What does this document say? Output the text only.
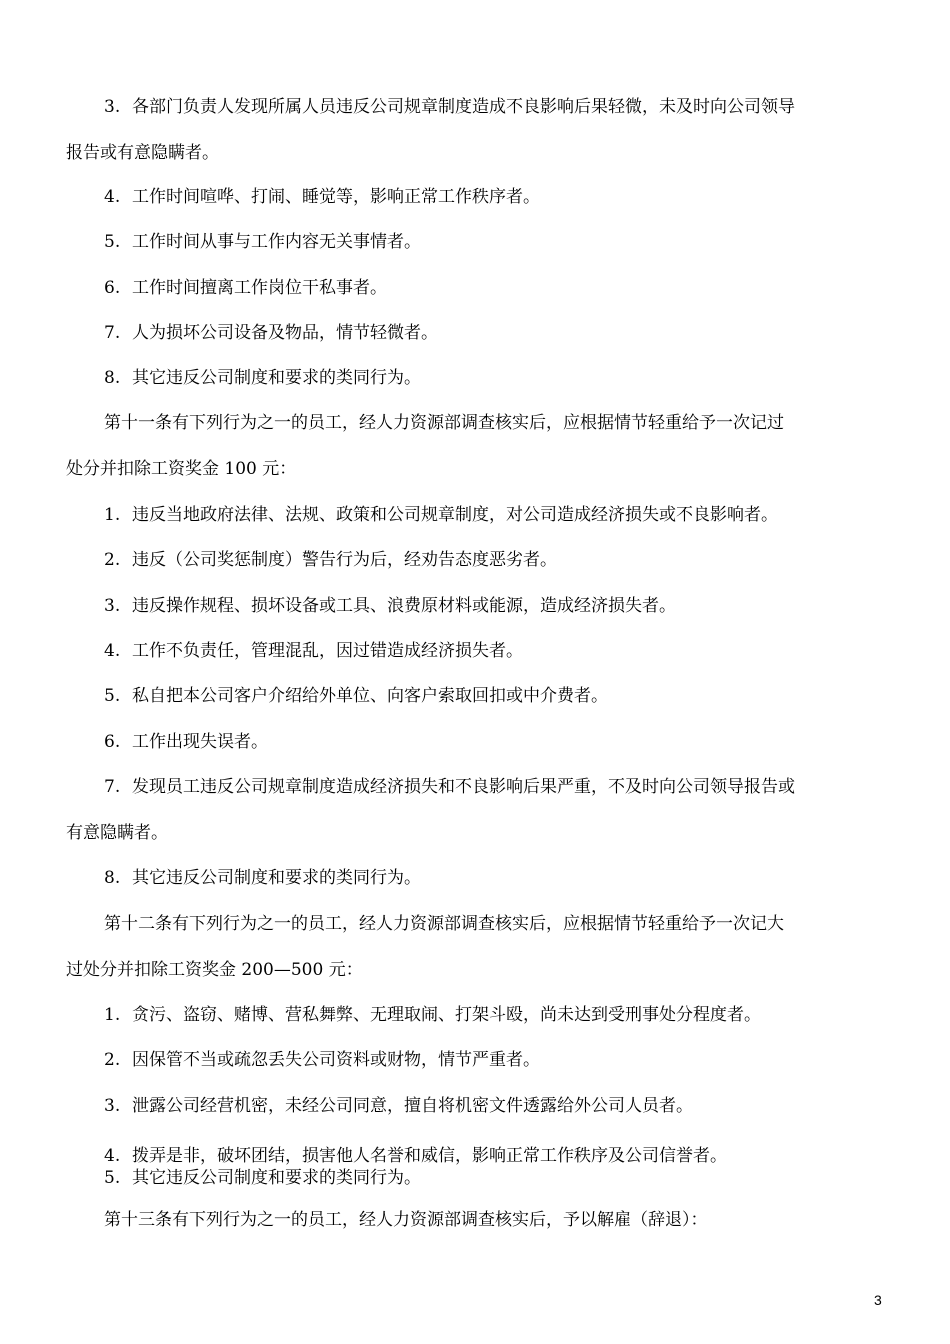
3. 各部门负责人发现所属人员违反公司规章制度造成不良影响后果轻微，未及时向公司领导
报告或有意隐瞒者。
4. 工作时间喧哗、打闹、睡觉等，影响正常工作秩序者。
5. 工作时间从事与工作内容无关事情者。
6. 工作时间擅离工作岗位干私事者。
7. 人为损坏公司设备及物品，情节轻微者。
8. 其它违反公司制度和要求的类同行为。
第十一条有下列行为之一的员工，经人力资源部调查核实后，应根据情节轻重给予一次记过
处分并扣除工资奖金 100 元：
1. 违反当地政府法律、法规、政策和公司规章制度，对公司造成经济损失或不良影响者。
2. 违反（公司奖惩制度）警告行为后，经劝告态度恶劣者。
3. 违反操作规程、损坏设备或工具、浪费原材料或能源，造成经济损失者。
4. 工作不负责任，管理混乱，因过错造成经济损失者。
5. 私自把本公司客户介绍给外单位、向客户索取回扣或中介费者。
6. 工作出现失误者。
7. 发现员工违反公司规章制度造成经济损失和不良影响后果严重，不及时向公司领导报告或
有意隐瞒者。
8. 其它违反公司制度和要求的类同行为。
第十二条有下列行为之一的员工，经人力资源部调查核实后，应根据情节轻重给予一次记大
过处分并扣除工资奖金 200—500 元：
1. 贪污、盗窃、赌博、营私舞弊、无理取闹、打架斗殴，尚未达到受刑事处分程度者。
2. 因保管不当或疏忽丢失公司资料或财物，情节严重者。
3. 泄露公司经营机密，未经公司同意，擅自将机密文件透露给外公司人员者。
4. 拨弄是非，破坏团结，损害他人名誉和威信，影响正常工作秩序及公司信誉者。
5. 其它违反公司制度和要求的类同行为。
第十三条有下列行为之一的员工，经人力资源部调查核实后，予以解雇（辞退）：
3
